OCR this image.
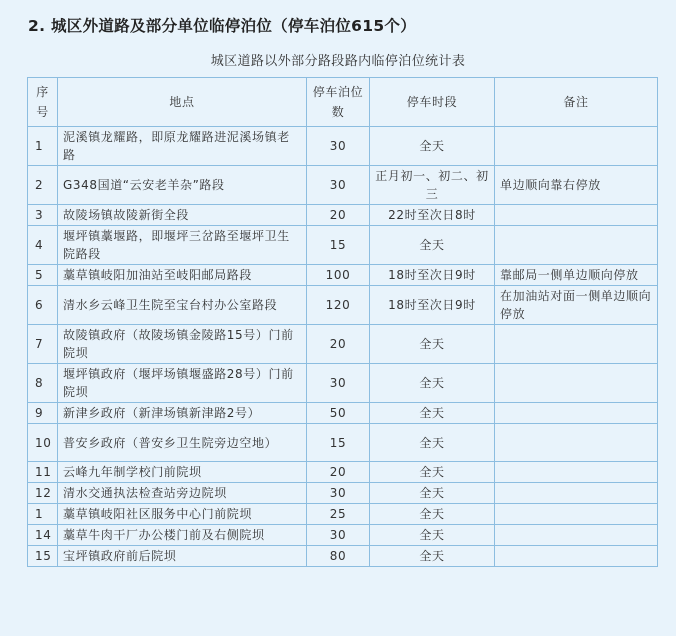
2. 城区外道路及部分单位临停泊位（停车泊位615个）
城区道路以外部分路段路内临停泊位统计表
序号	地点	停车泊位数	停车时段	备注
1	泥溪镇龙耀路，即原龙耀路进泥溪场镇老路	30	全天	
2	G348国道“云安老羊杂”路段	30	正月初一、初二、初三	单边顺向靠右停放
3	故陵场镇故陵新街全段	20	22时至次日8时	
4	堰坪镇藁堰路，即堰坪三岔路至堰坪卫生院路段	15	全天	
5	藁草镇岐阳加油站至岐阳邮局路段	100	18时至次日9时	靠邮局一侧单边顺向停放
6	清水乡云峰卫生院至宝台村办公室路段	120	18时至次日9时	在加油站对面一侧单边顺向停放
7	故陵镇政府（故陵场镇金陵路15号）门前院坝	20	全天	
8	堰坪镇政府（堰坪场镇堰盛路28号）门前院坝	30	全天	
9	新津乡政府（新津场镇新津路2号）	50	全天	
10	普安乡政府（普安乡卫生院旁边空地）	15	全天	
11	云峰九年制学校门前院坝	20	全天	
12	清水交通执法检查站旁边院坝	30	全天	
1	藁草镇岐阳社区服务中心门前院坝	25	全天	
14	藁草牛肉干厂办公楼门前及右侧院坝	30	全天	
15	宝坪镇政府前后院坝	80	全天	
